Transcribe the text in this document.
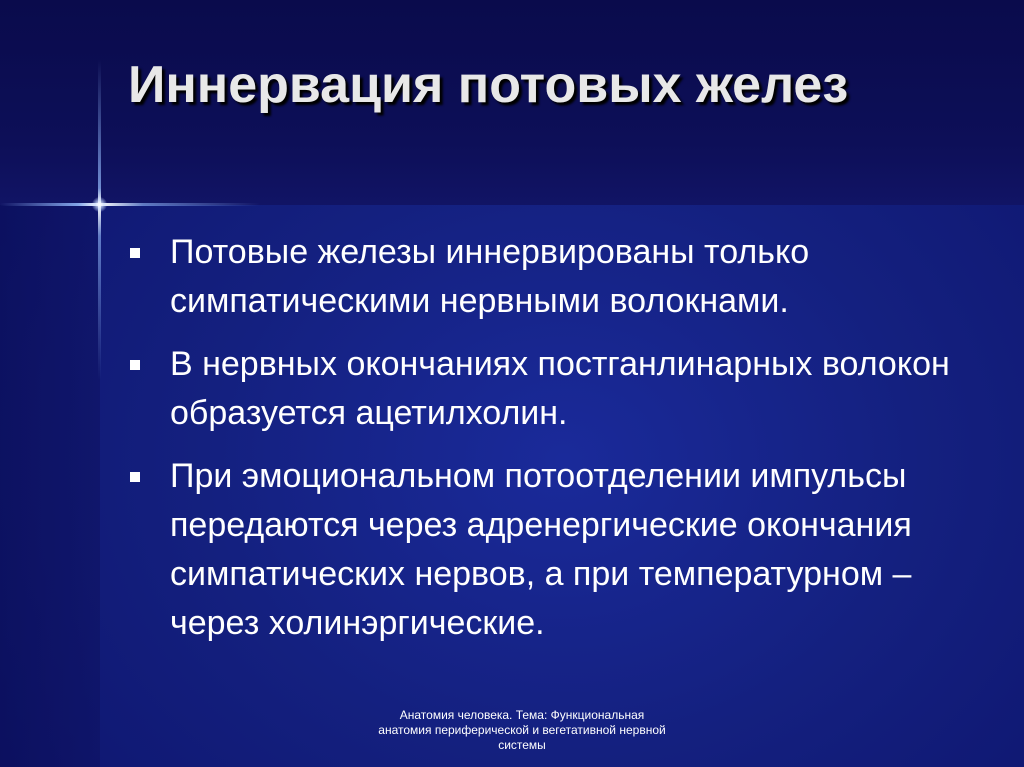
Иннервация потовых желез
Потовые железы иннервированы только симпатическими нервными волокнами.
В нервных окончаниях постганлинарных волокон образуется ацетилхолин.
При эмоциональном потоотделении импульсы передаются через адренергические окончания симпатических нервов, а при температурном – через холинэргические.
Анатомия человека. Тема: Функциональная анатомия периферической и вегетативной нервной системы
